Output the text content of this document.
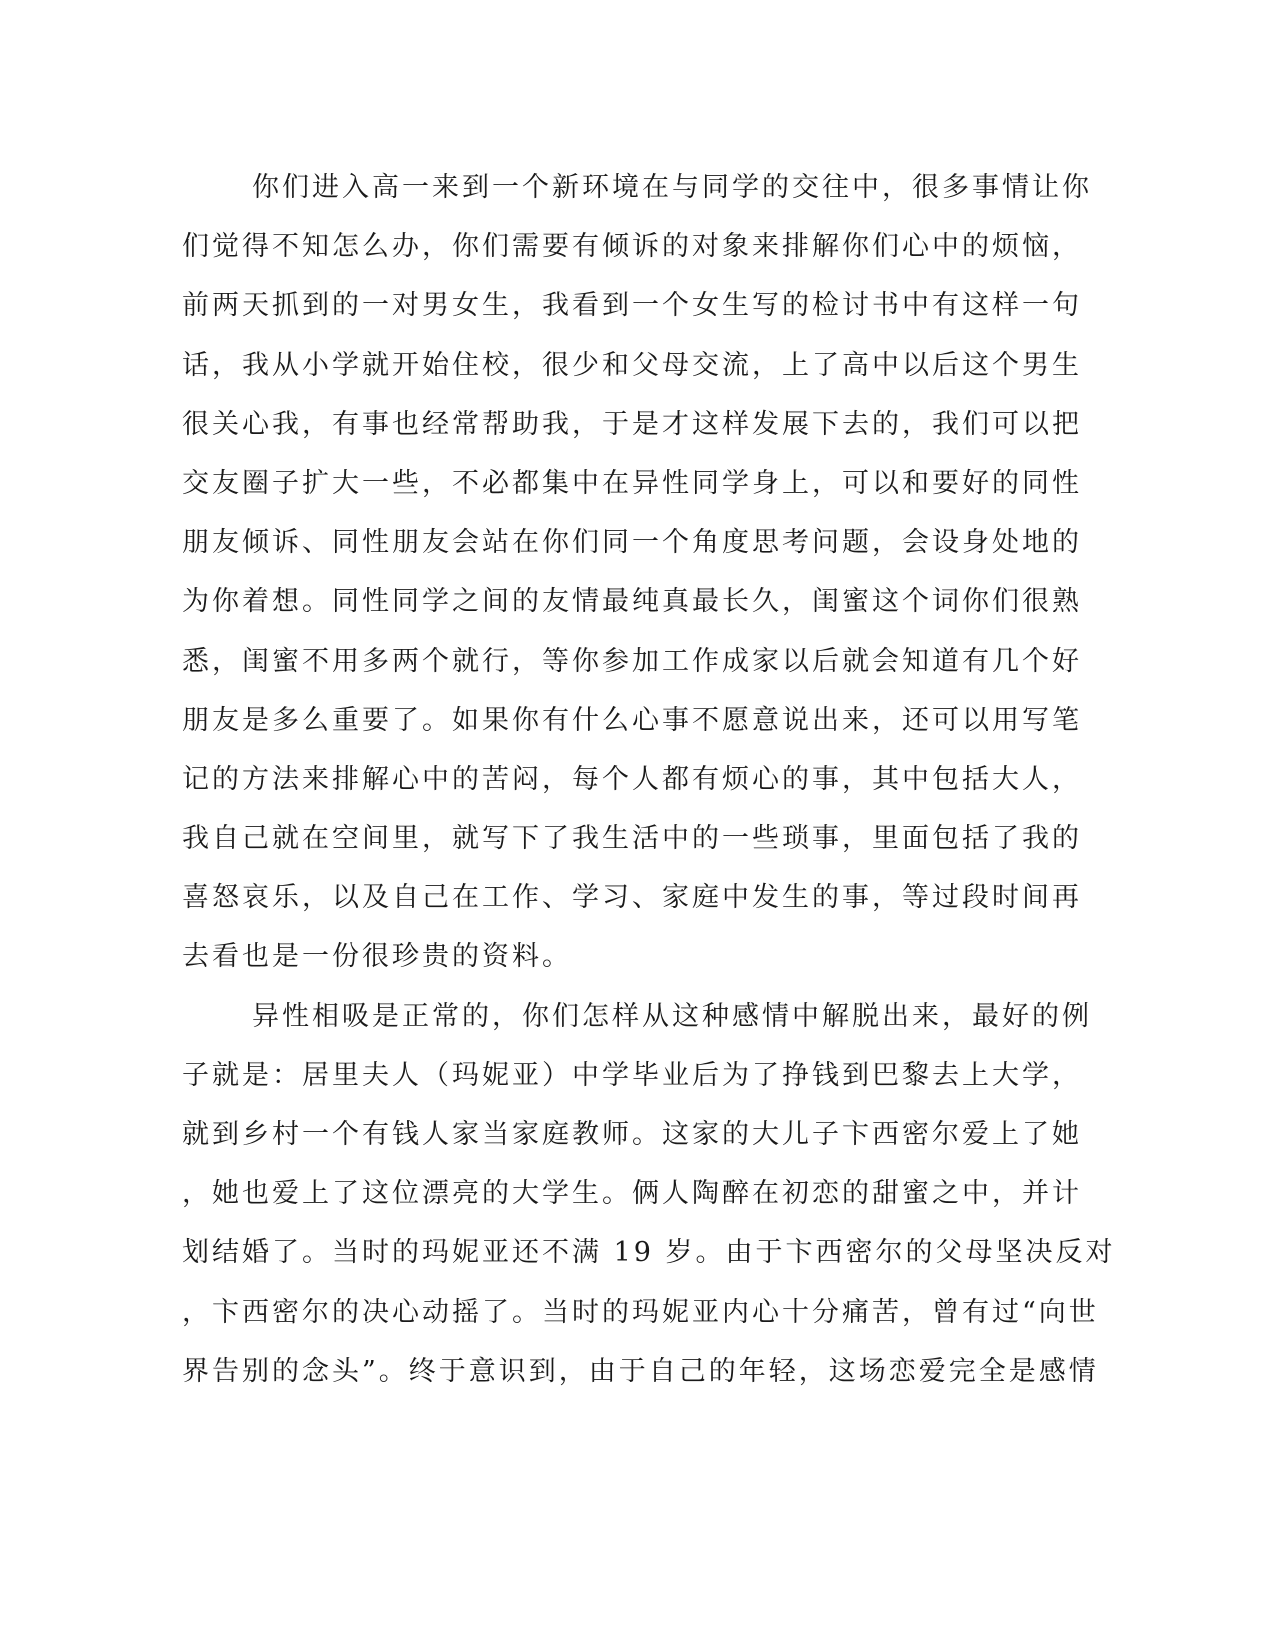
你们进入高一来到一个新环境在与同学的交往中，很多事情让你
们觉得不知怎么办，你们需要有倾诉的对象来排解你们心中的烦恼，
前两天抓到的一对男女生，我看到一个女生写的检讨书中有这样一句
话，我从小学就开始住校，很少和父母交流，上了高中以后这个男生
很关心我，有事也经常帮助我，于是才这样发展下去的，我们可以把
交友圈子扩大一些，不必都集中在异性同学身上，可以和要好的同性
朋友倾诉、同性朋友会站在你们同一个角度思考问题，会设身处地的
为你着想。同性同学之间的友情最纯真最长久，闺蜜这个词你们很熟
悉，闺蜜不用多两个就行，等你参加工作成家以后就会知道有几个好
朋友是多么重要了。如果你有什么心事不愿意说出来，还可以用写笔
记的方法来排解心中的苦闷，每个人都有烦心的事，其中包括大人，
我自己就在空间里，就写下了我生活中的一些琐事，里面包括了我的
喜怒哀乐，以及自己在工作、学习、家庭中发生的事，等过段时间再
去看也是一份很珍贵的资料。
异性相吸是正常的，你们怎样从这种感情中解脱出来，最好的例
子就是：居里夫人（玛妮亚）中学毕业后为了挣钱到巴黎去上大学，
就到乡村一个有钱人家当家庭教师。这家的大儿子卞西密尔爱上了她
，她也爱上了这位漂亮的大学生。俩人陶醉在初恋的甜蜜之中，并计
划结婚了。当时的玛妮亚还不满 19 岁。由于卞西密尔的父母坚决反对
，卞西密尔的决心动摇了。当时的玛妮亚内心十分痛苦，曾有过“向世
界告别的念头”。终于意识到，由于自己的年轻，这场恋爱完全是感情
